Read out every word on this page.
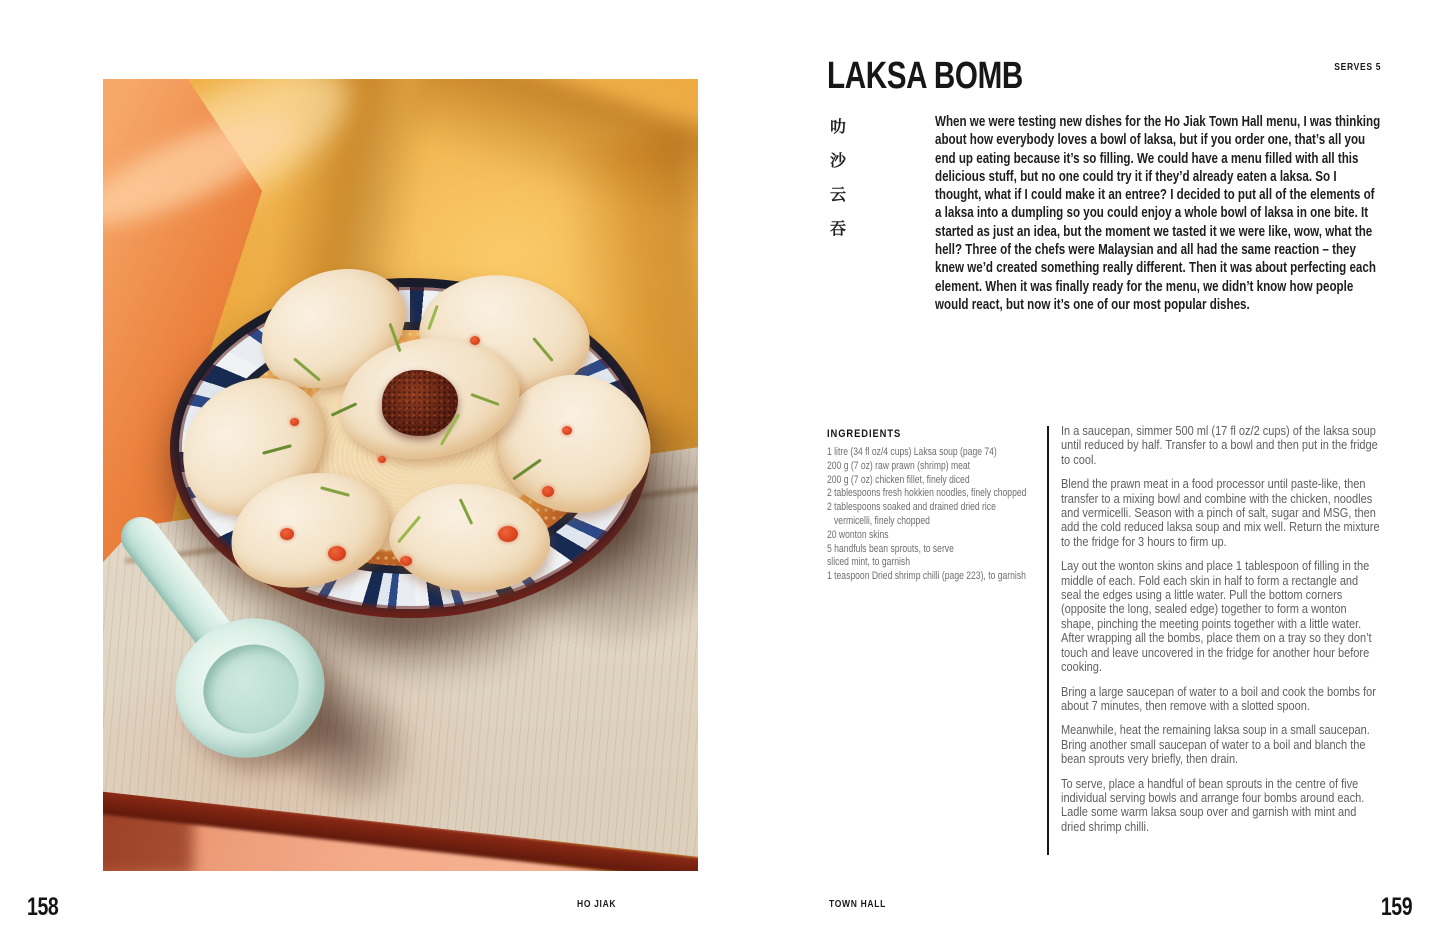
158	HO JIAK
LAKSA BOMB	SERVES 5
叻
沙
云
吞

When we were testing new dishes for the Ho Jiak Town Hall menu, I was thinking about how everybody loves a bowl of laksa, but if you order one, that’s all you end up eating because it’s so filling. We could have a menu filled with all this delicious stuff, but no one could try it if they’d already eaten a laksa. So I thought, what if I could make it an entree? I decided to put all of the elements of a laksa into a dumpling so you could enjoy a whole bowl of laksa in one bite. It started as just an idea, but the moment we tasted it we were like, wow, what the hell? Three of the chefs were Malaysian and all had the same reaction – they knew we’d created something really different. Then it was about perfecting each element. When it was finally ready for the menu, we didn’t know how people would react, but now it’s one of our most popular dishes.

INGREDIENTS
1 litre (34 fl oz/4 cups) Laksa soup (page 74)
200 g (7 oz) raw prawn (shrimp) meat
200 g (7 oz) chicken fillet, finely diced
2 tablespoons fresh hokkien noodles, finely chopped
2 tablespoons soaked and drained dried rice vermicelli, finely chopped
20 wonton skins
5 handfuls bean sprouts, to serve
sliced mint, to garnish
1 teaspoon Dried shrimp chilli (page 223), to garnish

In a saucepan, simmer 500 ml (17 fl oz/2 cups) of the laksa soup until reduced by half. Transfer to a bowl and then put in the fridge to cool.

Blend the prawn meat in a food processor until paste-like, then transfer to a mixing bowl and combine with the chicken, noodles and vermicelli. Season with a pinch of salt, sugar and MSG, then add the cold reduced laksa soup and mix well. Return the mixture to the fridge for 3 hours to firm up.

Lay out the wonton skins and place 1 tablespoon of filling in the middle of each. Fold each skin in half to form a rectangle and seal the edges using a little water. Pull the bottom corners (opposite the long, sealed edge) together to form a wonton shape, pinching the meeting points together with a little water. After wrapping all the bombs, place them on a tray so they don’t touch and leave uncovered in the fridge for another hour before cooking.

Bring a large saucepan of water to a boil and cook the bombs for about 7 minutes, then remove with a slotted spoon.

Meanwhile, heat the remaining laksa soup in a small saucepan. Bring another small saucepan of water to a boil and blanch the bean sprouts very briefly, then drain.

To serve, place a handful of bean sprouts in the centre of five individual serving bowls and arrange four bombs around each. Ladle some warm laksa soup over and garnish with mint and dried shrimp chilli.

TOWN HALL	159
